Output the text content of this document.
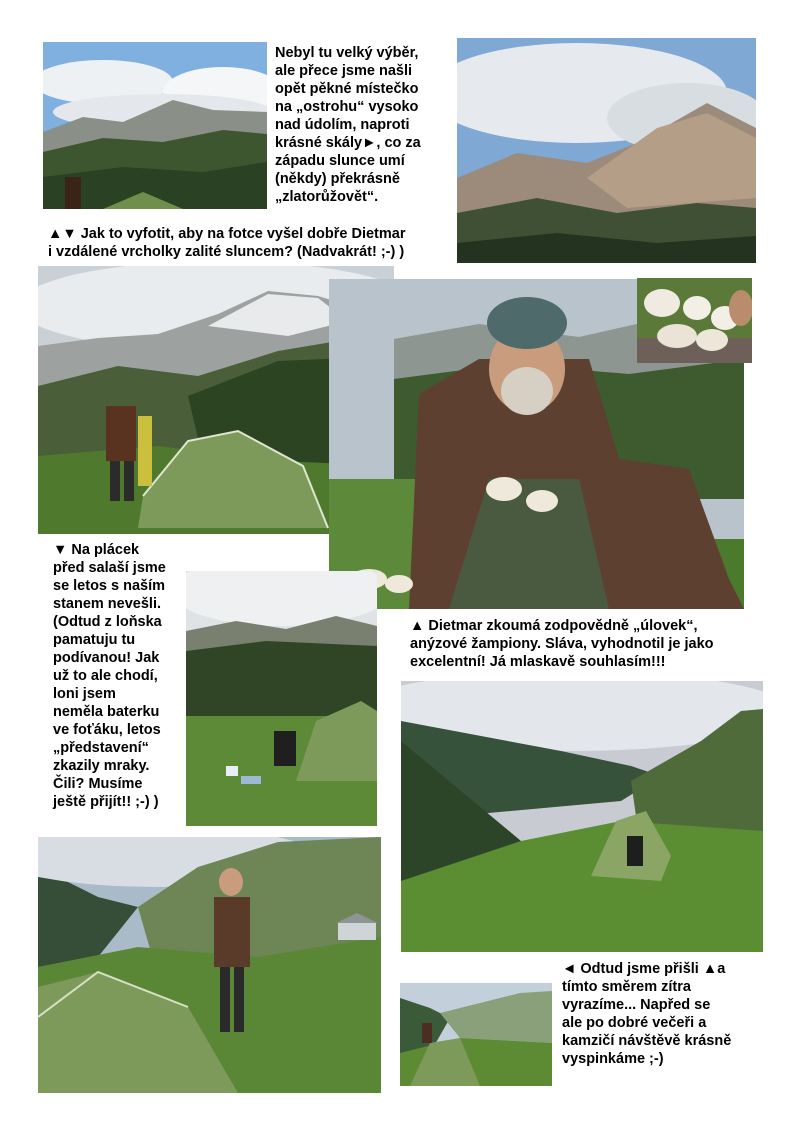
Nebyl tu velký výběr,
ale přece jsme našli
opět pěkné místečko
na „ostrohu“ vysoko
nad údolím, naproti
krásné skály►, co za
západu slunce umí
(někdy) překrásně
„zlatorůžovět“.
▲▼ Jak to vyfotit, aby na fotce vyšel dobře Dietmar
i vzdálené vrcholky zalité sluncem? (Nadvakrát! ;-) )
▼ Na plácek
před salaší jsme
se letos s naším
stanem nevešli.
(Odtud z loňska
pamatuju tu
podívanou! Jak
už to ale chodí,
loni jsem
neměla baterku
ve foťáku, letos
„představení“
zkazily mraky.
Čili? Musíme
ještě přijít!! ;-) )
▲ Dietmar zkoumá zodpovědně „úlovek“,
anýzové žampiony. Sláva, vyhodnotil je jako
excelentní! Já mlaskavě souhlasím!!!
◄ Odtud jsme přišli ▲a
tímto směrem zítra
vyrazíme... Napřed se
ale po dobré večeři a
kamzičí návštěvě krásně
vyspinkáme ;-)
